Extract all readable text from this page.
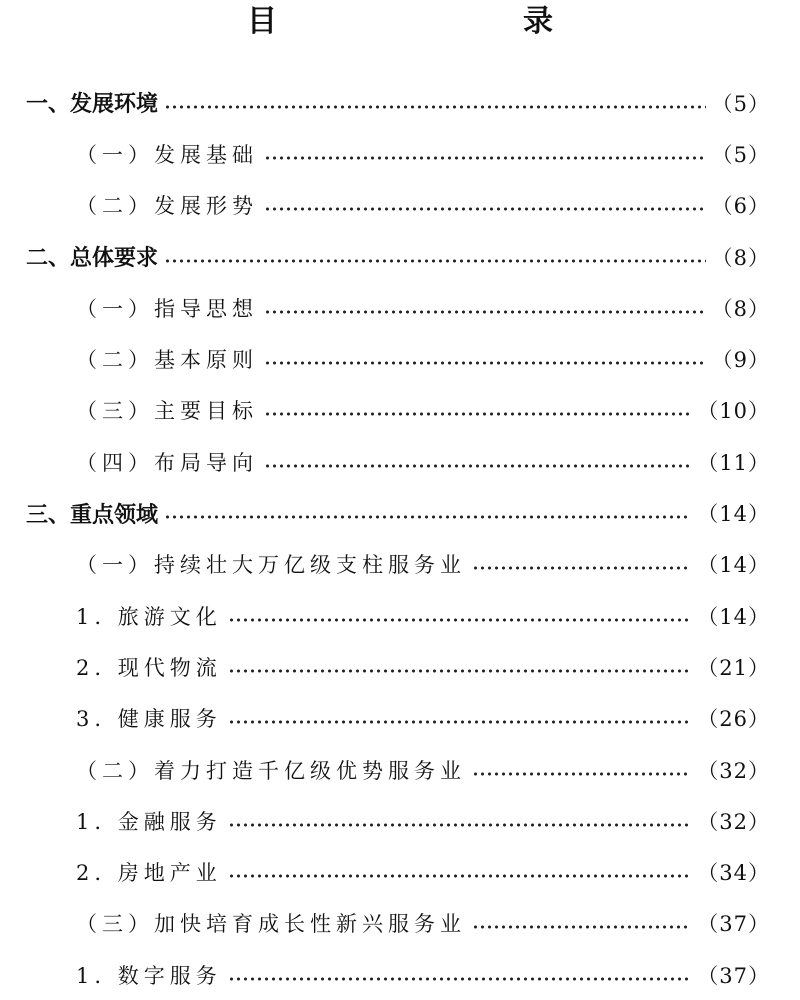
目　　录
一、发展环境	（5）
（一）发展基础	（5）
（二）发展形势	（6）
二、总体要求	（8）
（一）指导思想	（8）
（二）基本原则	（9）
（三）主要目标	（10）
（四）布局导向	（11）
三、重点领域	（14）
（一）持续壮大万亿级支柱服务业	（14）
1. 旅游文化	（14）
2. 现代物流	（21）
3. 健康服务	（26）
（二）着力打造千亿级优势服务业	（32）
1. 金融服务	（32）
2. 房地产业	（34）
（三）加快培育成长性新兴服务业	（37）
1. 数字服务	（37）
